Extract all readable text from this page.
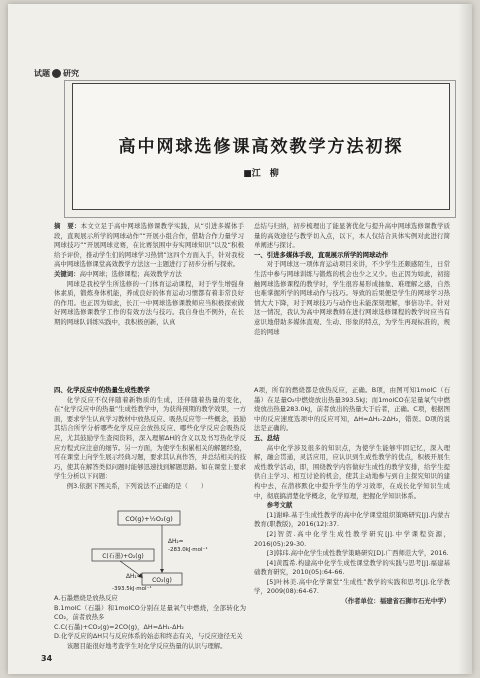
试题 研究
高中网球选修课高效教学方法初探
■江　柳

摘　要：本文立足于高中网球选修课教学实践，从“引进多媒体手段，直观展示所学的网球动作”“开展小组合作，借助合作力量学习网球技巧”“开展网球竞赛，在比赛氛围中夯实网球知识”以及“积极给予评价，推动学生们的网球学习热情”这四个方面入手，针对我校高中网球选修课堂高效教学方法这一主题进行了初步分析与探索。

关键词：高中网球；选修课程；高效教学方法

网球是我校学生所选修的一门体育运动课程，对于学生增强身体素质，锻炼身体机能，养成良好的体育运动习惯都有着非常良好的作用。也正因为如此，长江一中网球选修课教师应当积极探索做好网球选修课教学工作的有效方法与技巧。我自身也不例外，在长期的网球队训练实践中，我积极创新，认真

总结与归纳，初步梳理出了能显著优化与提升高中网球选修课教学质量的高效途径与教学切入点，以下，本人仅结合具体实例对此进行简单阐述与探讨。

一、引进多媒体手段，直观展示所学的网球动作

对于网球这一项体育运动项目来讲，不少学生还颇感陌生，日常生活中参与网球训练与锻炼的机会也少之又少。也正因为如此，初接触网球选修课程的教学时，学生很容易形成抽象、难理解之感，自然也难掌握所学的网球动作与技巧。导致的后果便是学生的网球学习热情大大下降，对于网球技巧与动作也未能深刻理解，事倍功半。针对这一情况，我认为高中网球教师在进行网球选修课程的教学时应当有意识地借助多媒体直观、生动、形象的特点，为学生再现标准的，规范的网球

四、化学反应中的热量生成性教学

化学反应不仅伴随着新物质的生成，还伴随着热量的变化，在“化学反应中的热量”生成性教学中，为获得预期的教学效果，一方面，要求学生认真学习教材中放热反应、吸热反应等一些概念，鼓励其结合所学分析哪些化学反应会放热反应、哪些化学反应会吸热反应，尤其鼓励学生查阅资料，深入理解ΔH的含义以及书写热化学反应方程式应注意的细节。另一方面，为使学生积累相关的解题经验，可在课堂上向学生展示经典习题，要求其认真作答，并总结相关的技巧，使其在解答类似问题时能够迅速找到解题思路。如在课堂上要求学生分析以下问题：

例3.依据下图关系，下列说法不正确的是（　　）

CO(g)+½O₂(g)
C(石墨)+O₂(g)
CO₂(g)
ΔH₂=
-283.0kJ·mol⁻¹
ΔH₁=
-393.5kJ·mol⁻¹

A.石墨燃烧是放热反应

B.1molC（石墨）和1molCO分别在足量氧气中燃烧，全部转化为CO₂，前者放热多

C.C(石墨)+CO₂(g)=2CO(g)，ΔH=ΔH₁-ΔH₂

D.化学反应的ΔH只与反应体系的始态和终态有关，与反应途径无关

该题目能很好地考查学生对化学反应热量的认识与理解。

A项，所有的燃烧都是放热反应，正确。B项，由图可知1molC（石墨）在足量O₂中燃烧放出热量393.5kJ；而1molCO在足量氧气中燃烧放出热量283.0kJ，前者放出的热量大于后者，正确。C项，根据图中的反应速度选项中的反应可知，ΔH=ΔH₁-2ΔH₂，错误。D项的说法是正确的。

五、总结

高中化学涉及很多的知识点，为使学生能够牢固记忆，深入理解，融会贯通，灵活应用，应认识到生成性教学的优点，积极开展生成性教学活动，即，围绕教学内容做好生成性的教学安排，给学生提供自主学习、相互讨论的机会，使其主动地参与到自主探究知识的建构中去，在潜移默化中提升学生的学习效率，在成长化学知识生成中，彻底搞清楚化学概念，化学原理，把握化学知识体系。

参考文献

[1]谢峰.基于生成性教学的高中化学课堂组织策略研究[J].内蒙古教育(职教版)，2016(12):37.

[2]智贺.高中化学生成性教学研究[J].中学课程资源，2016(05):29-30.

[3]韩玮.高中化学生成性教学策略研究[D].广西师范大学，2016.

[4]黄霞希.构建高中化学生成性课堂教学的实践与思考[J].福建基础教育研究，2010(05):64-66.

[5]叶林美.高中化学课堂“生成性”教学的实践和思考[J].化学教学，2009(08):64-67.

（作者单位：福建省石狮市石光中学）

34
